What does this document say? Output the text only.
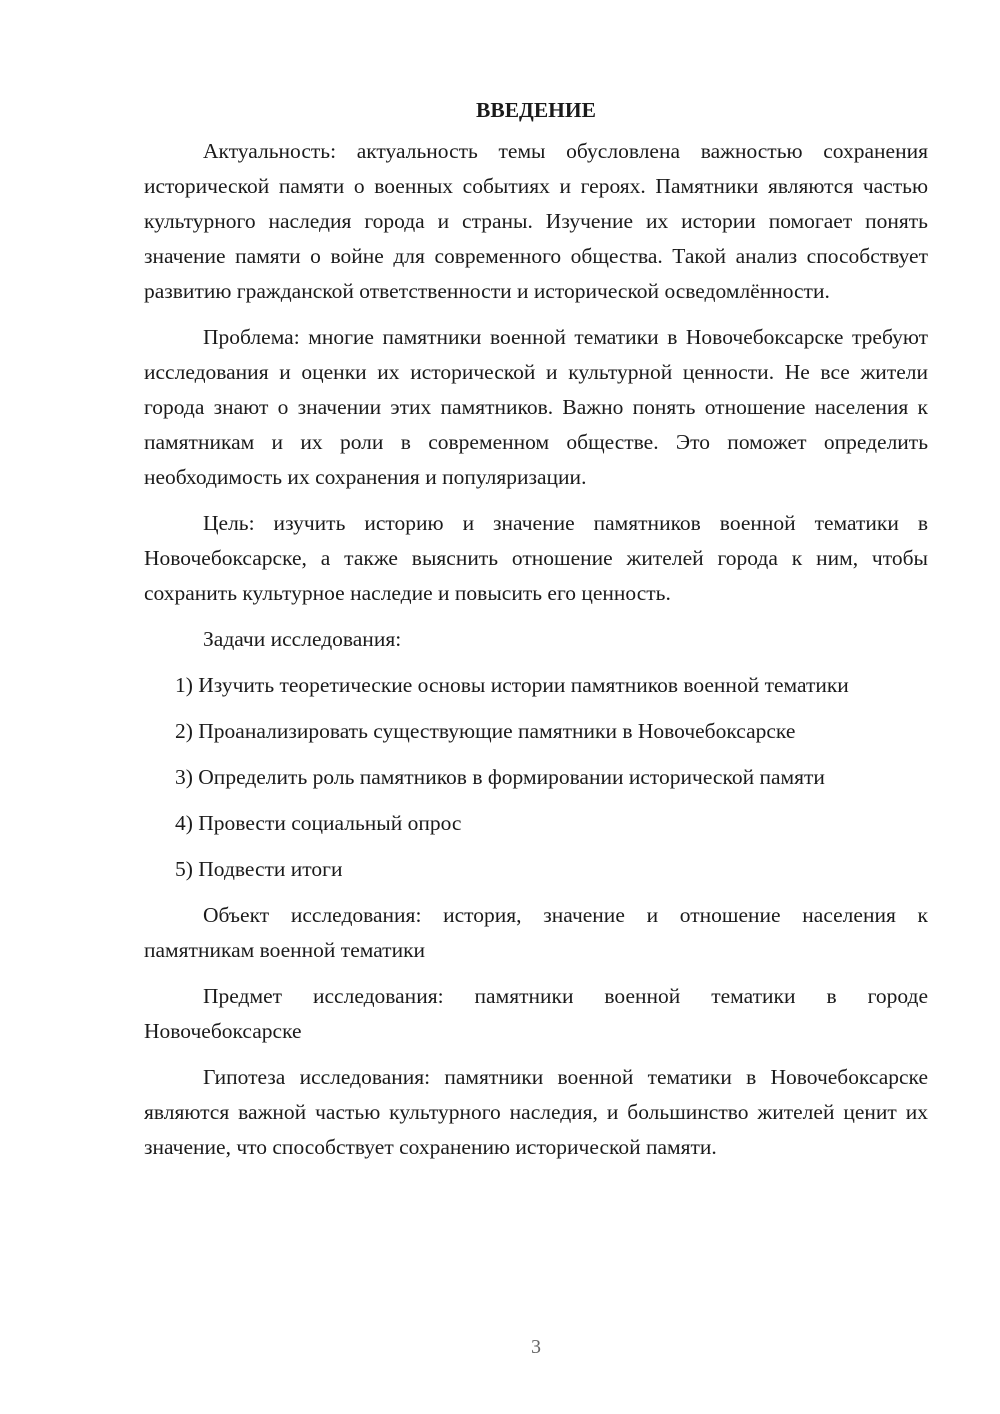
ВВЕДЕНИЕ

Актуальность: актуальность темы обусловлена важностью сохранения исторической памяти о военных событиях и героях. Памятники являются частью культурного наследия города и страны. Изучение их истории помогает понять значение памяти о войне для современного общества. Такой анализ способствует развитию гражданской ответственности и исторической осведомлённости.

Проблема: многие памятники военной тематики в Новочебоксарске требуют исследования и оценки их исторической и культурной ценности. Не все жители города знают о значении этих памятников. Важно понять отношение населения к памятникам и их роли в современном обществе. Это поможет определить необходимость их сохранения и популяризации.

Цель: изучить историю и значение памятников военной тематики в Новочебоксарске, а также выяснить отношение жителей города к ним, чтобы сохранить культурное наследие и повысить его ценность.

Задачи исследования:

1) Изучить теоретические основы истории памятников военной тематики

2) Проанализировать существующие памятники в Новочебоксарске

3) Определить роль памятников в формировании исторической памяти

4) Провести социальный опрос

5) Подвести итоги

Объект исследования: история, значение и отношение населения к памятникам военной тематики

Предмет исследования: памятники военной тематики в городе Новочебоксарске

Гипотеза исследования: памятники военной тематики в Новочебоксарске являются важной частью культурного наследия, и большинство жителей ценит их значение, что способствует сохранению исторической памяти.

3
